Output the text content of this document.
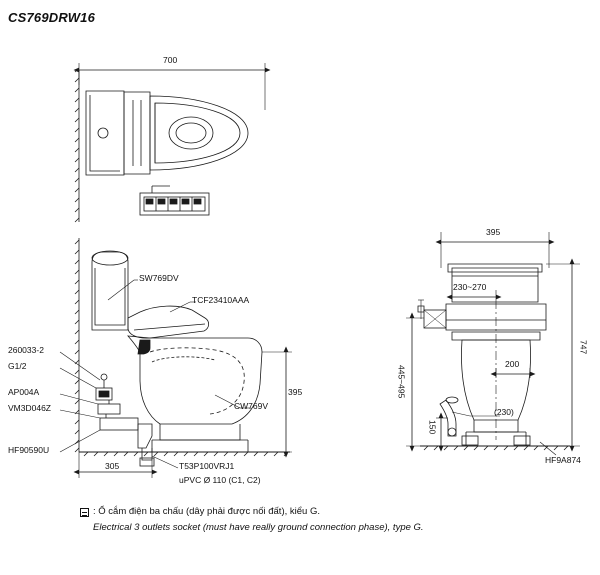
CS769DRW16
700
SW769DV
TCF23410AAA
CW769V
260033-2
G1/2
AP004A
VM3D046Z
HF90590U
T53P100VRJ1
uPVC Ø 110 (C1, C2)
395
305
395
230~270
200
(230)
747
445~495
150
HF9A874
: Ổ cắm điện ba chấu (dây phải được nối đất), kiểu G.
Electrical 3 outlets socket (must have really ground connection phase), type G.
